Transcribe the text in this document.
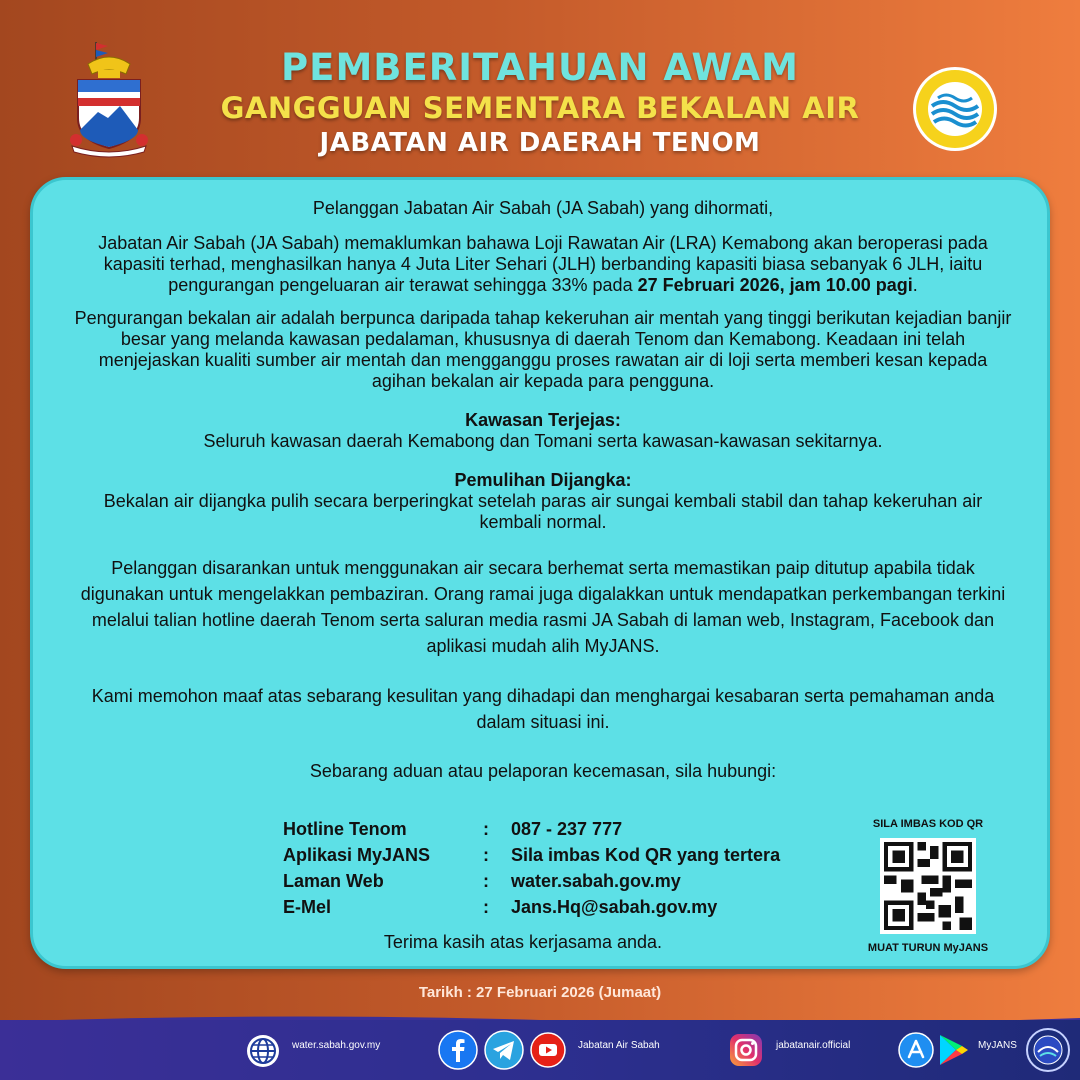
PEMBERITAHUAN AWAM
GANGGUAN SEMENTARA BEKALAN AIR
JABATAN AIR DAERAH TENOM
Pelanggan Jabatan Air Sabah (JA Sabah) yang dihormati,
Jabatan Air Sabah (JA Sabah) memaklumkan bahawa Loji Rawatan Air (LRA) Kemabong akan beroperasi pada kapasiti terhad, menghasilkan hanya 4 Juta Liter Sehari (JLH) berbanding kapasiti biasa sebanyak 6 JLH, iaitu pengurangan pengeluaran air terawat sehingga 33% pada 27 Februari 2026, jam 10.00 pagi.
Pengurangan bekalan air adalah berpunca daripada tahap kekeruhan air mentah yang tinggi berikutan kejadian banjir besar yang melanda kawasan pedalaman, khususnya di daerah Tenom dan Kemabong. Keadaan ini telah menjejaskan kualiti sumber air mentah dan mengganggu proses rawatan air di loji serta memberi kesan kepada agihan bekalan air kepada para pengguna.
Kawasan Terjejas:
Seluruh kawasan daerah Kemabong dan Tomani serta kawasan-kawasan sekitarnya.
Pemulihan Dijangka:
Bekalan air dijangka pulih secara berperingkat setelah paras air sungai kembali stabil dan tahap kekeruhan air kembali normal.
Pelanggan disarankan untuk menggunakan air secara berhemat serta memastikan paip ditutup apabila tidak digunakan untuk mengelakkan pembaziran. Orang ramai juga digalakkan untuk mendapatkan perkembangan terkini melalui talian hotline daerah Tenom serta saluran media rasmi JA Sabah di laman web, Instagram, Facebook dan aplikasi mudah alih MyJANS.
Kami memohon maaf atas sebarang kesulitan yang dihadapi dan menghargai kesabaran serta pemahaman anda dalam situasi ini.
Sebarang aduan atau pelaporan kecemasan, sila hubungi:
Hotline Tenom	:	087 - 237 777
Aplikasi MyJANS	:	Sila imbas Kod QR yang tertera
Laman Web	:	water.sabah.gov.my
E-Mel	:	Jans.Hq@sabah.gov.my
Terima kasih atas kerjasama anda.
SILA IMBAS KOD QR
MUAT TURUN MyJANS
Tarikh : 27 Februari 2026 (Jumaat)
water.sabah.gov.my	Jabatan Air Sabah	jabatanair.official	MyJANS
